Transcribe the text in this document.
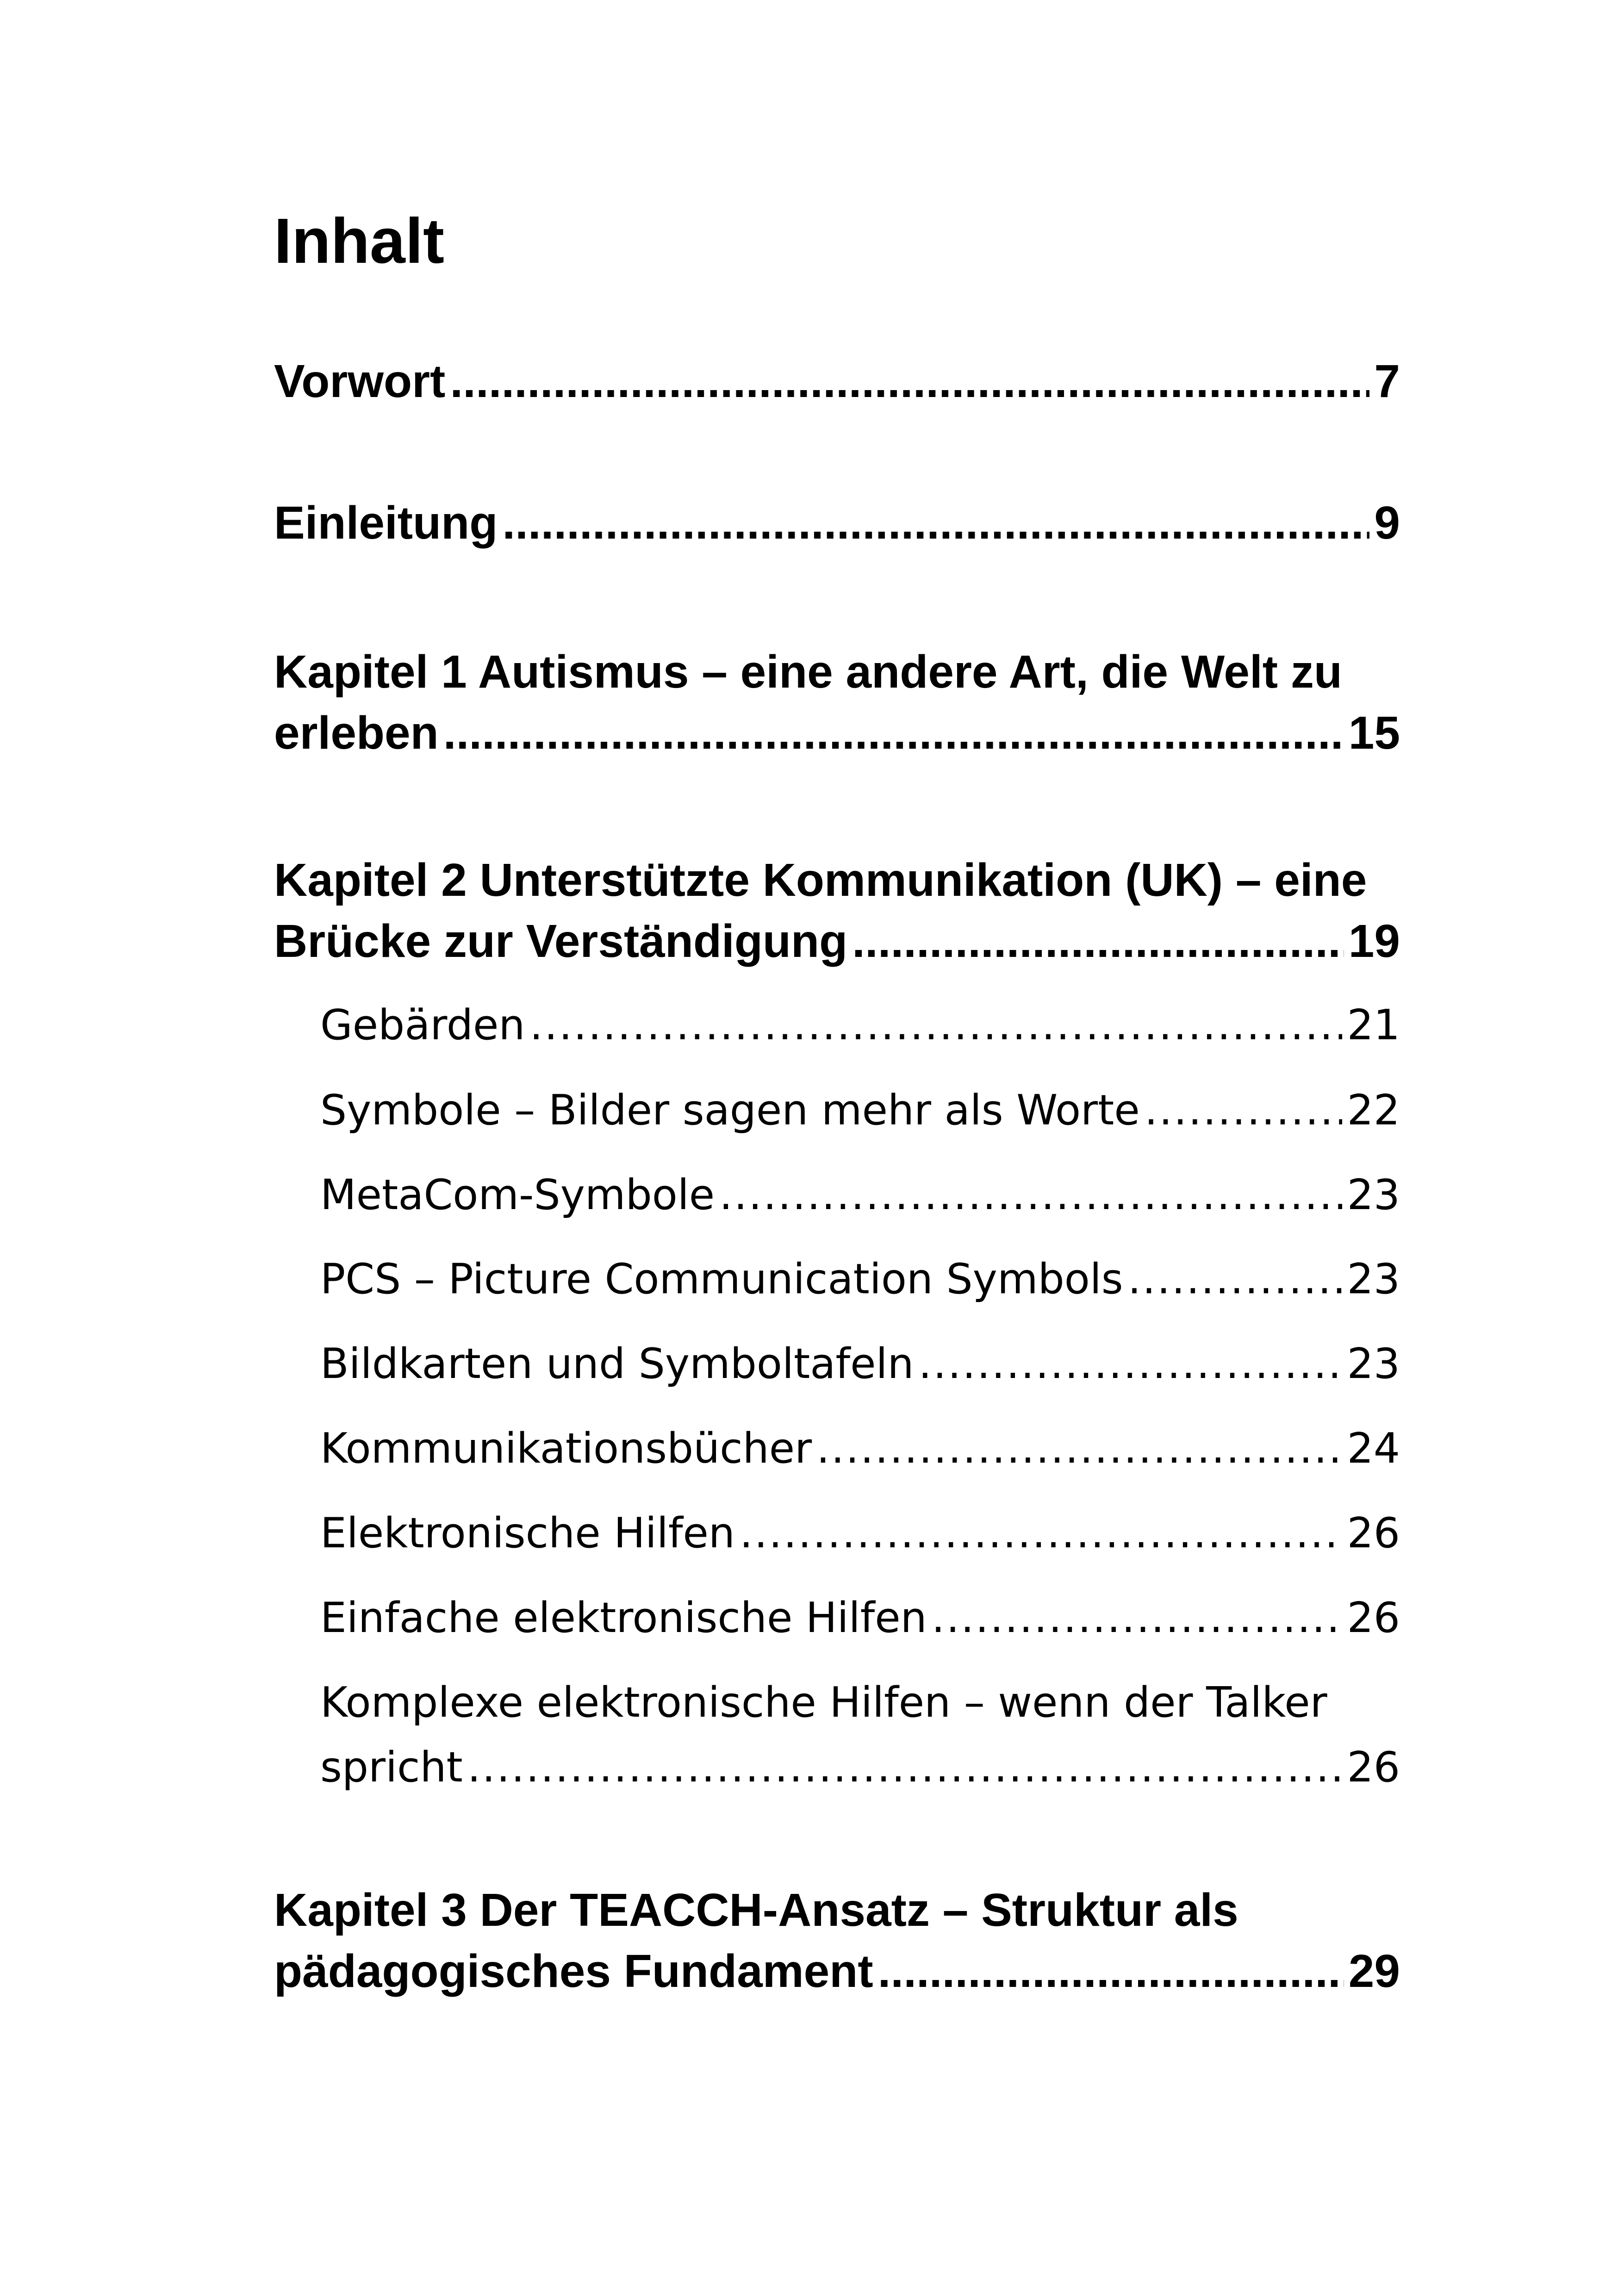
Inhalt
Vorwort .....	7
Einleitung .....	9
Kapitel 1 Autismus – eine andere Art, die Welt zu
erleben .....	15
Kapitel 2 Unterstützte Kommunikation (UK) – eine
Brücke zur Verständigung .....	19
Gebärden .....	21
Symbole – Bilder sagen mehr als Worte .....	22
MetaCom-Symbole .....	23
PCS – Picture Communication Symbols .....	23
Bildkarten und Symboltafeln .....	23
Kommunikationsbücher .....	24
Elektronische Hilfen .....	26
Einfache elektronische Hilfen .....	26
Komplexe elektronische Hilfen – wenn der Talker
spricht .....	26
Kapitel 3 Der TEACCH-Ansatz – Struktur als
pädagogisches Fundament .....	29
